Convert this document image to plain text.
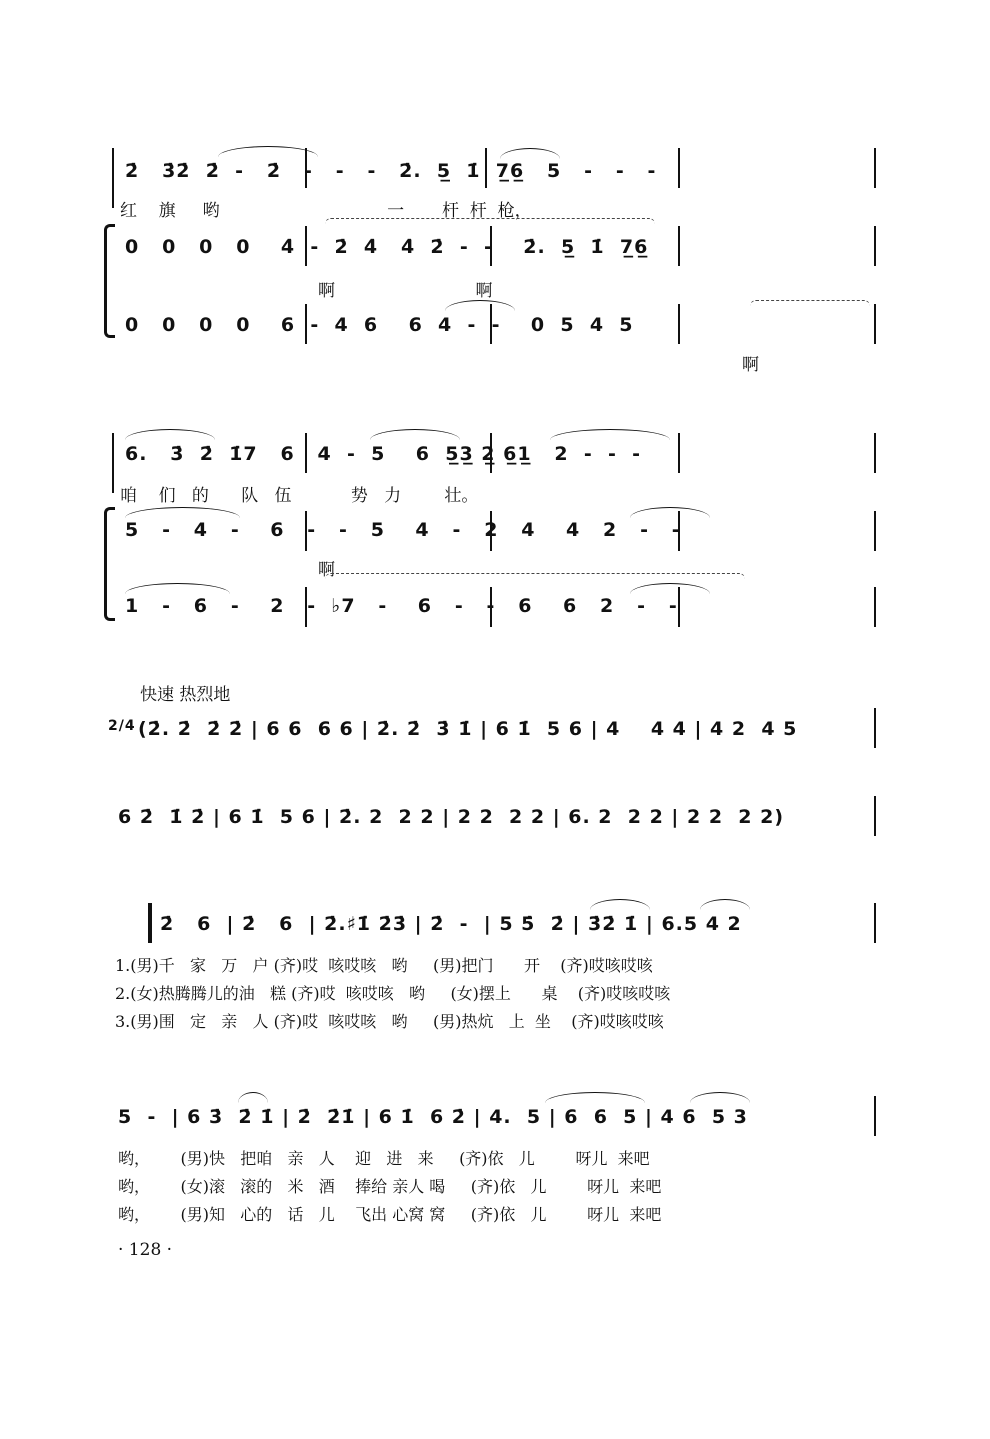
2̇   3̇2̇  2̇  -   2̇   -   -   -   2̇.  5̲  1̇  7̲6̲   5   -   -   -
红    旗     哟                               一       杆  杆  枪，
0   0   0   0    4̇  -  2̇  4̇   4̇  2̇  -  -    2̇.  5̲  1̇  7̲6̲
啊                          啊
0   0   0   0    6  -  4  6    6  4  -  -    0  5  4  5
啊
6.   3̇  2̇  1̇7   6   4  -  5    6  5̲3̲ 2̲ 6̲1̲   2  -  -  -
咱    们   的      队   伍           势   力        壮。
5   -   4   -    6   -   -   5    4   -   2   4    4   2   -   -
啊
1   -   6   -    2   -  ♭7   -    6   -   -   6    6   2   -   -
快速 热烈地
2/4 (2̇. 2̇  2̇ 2̇ | 6 6  6 6 | 2̇. 2̇  3̇ 1̇ | 6 1̇  5 6 | 4    4 4 | 4 2  4 5
6 2̇  1̇ 2̇ | 6 1̇  5 6 | 2̇. 2  2 2 | 2 2  2 2 | 6. 2  2 2 | 2 2  2 2)
2̇   6  | 2̇   6  | 2̇.♯1̇ 2̇3̇ | 2̇  -  | 5 5̇  2̇ | 3̇2̇ 1̇ | 6.5 4 2
1.(男)千   家   万   户 (齐)哎  咳哎咳   哟     (男)把门      开    (齐)哎咳哎咳
2.(女)热腾腾儿的油   糕 (齐)哎  咳哎咳   哟     (女)摆上      桌    (齐)哎咳哎咳
3.(男)围   定   亲   人 (齐)哎  咳哎咳   哟     (男)热炕   上  坐    (齐)哎咳哎咳
5  -  | 6 3̇  2̇ 1̇ | 2̇  2̇1̇ | 6 1̇  6 2̇ | 4.  5 | 6  6  5 | 4 6  5 3
哟，      (男)快   把咱   亲   人    迎   进   来     (齐)依   儿        呀儿  来吧
哟，      (女)滚   滚的   米   酒    捧给 亲人 喝     (齐)依   儿        呀儿  来吧
哟，      (男)知   心的   话   儿    飞出 心窝 窝     (齐)依   儿        呀儿  来吧
· 128 ·
